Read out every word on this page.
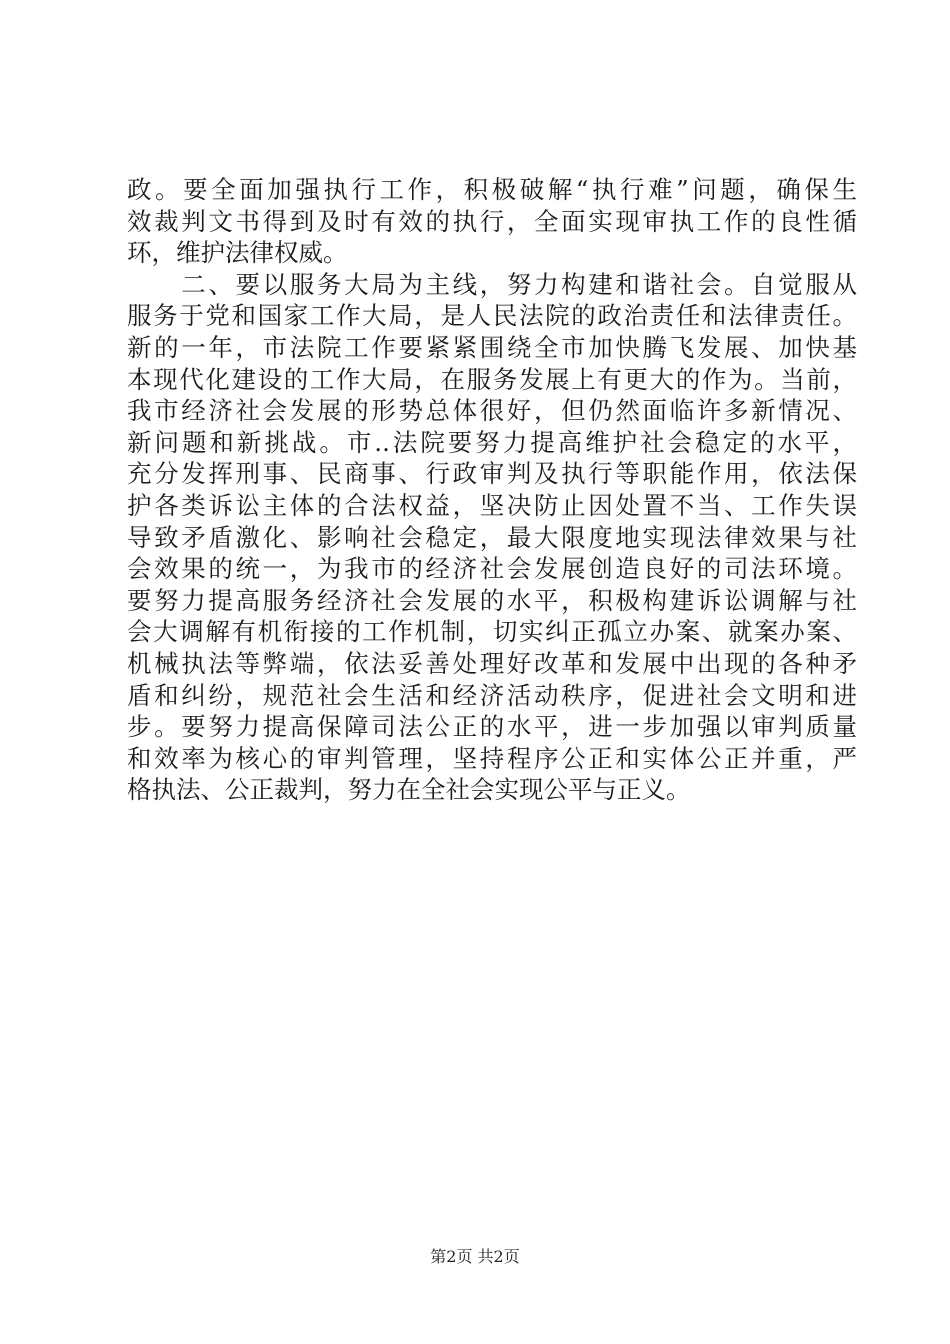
政。要全面加强执行工作，积极破解“执行难”问题，确保生
效裁判文书得到及时有效的执行，全面实现审执工作的良性循
环，维护法律权威。
　　二、要以服务大局为主线，努力构建和谐社会。自觉服从
服务于党和国家工作大局，是人民法院的政治责任和法律责任。
新的一年，市法院工作要紧紧围绕全市加快腾飞发展、加快基
本现代化建设的工作大局，在服务发展上有更大的作为。当前，
我市经济社会发展的形势总体很好，但仍然面临许多新情况、
新问题和新挑战。市..法院要努力提高维护社会稳定的水平，
充分发挥刑事、民商事、行政审判及执行等职能作用，依法保
护各类诉讼主体的合法权益，坚决防止因处置不当、工作失误
导致矛盾激化、影响社会稳定，最大限度地实现法律效果与社
会效果的统一，为我市的经济社会发展创造良好的司法环境。
要努力提高服务经济社会发展的水平，积极构建诉讼调解与社
会大调解有机衔接的工作机制，切实纠正孤立办案、就案办案、
机械执法等弊端，依法妥善处理好改革和发展中出现的各种矛
盾和纠纷，规范社会生活和经济活动秩序，促进社会文明和进
步。要努力提高保障司法公正的水平，进一步加强以审判质量
和效率为核心的审判管理，坚持程序公正和实体公正并重，严
格执法、公正裁判，努力在全社会实现公平与正义。
第2页 共2页
